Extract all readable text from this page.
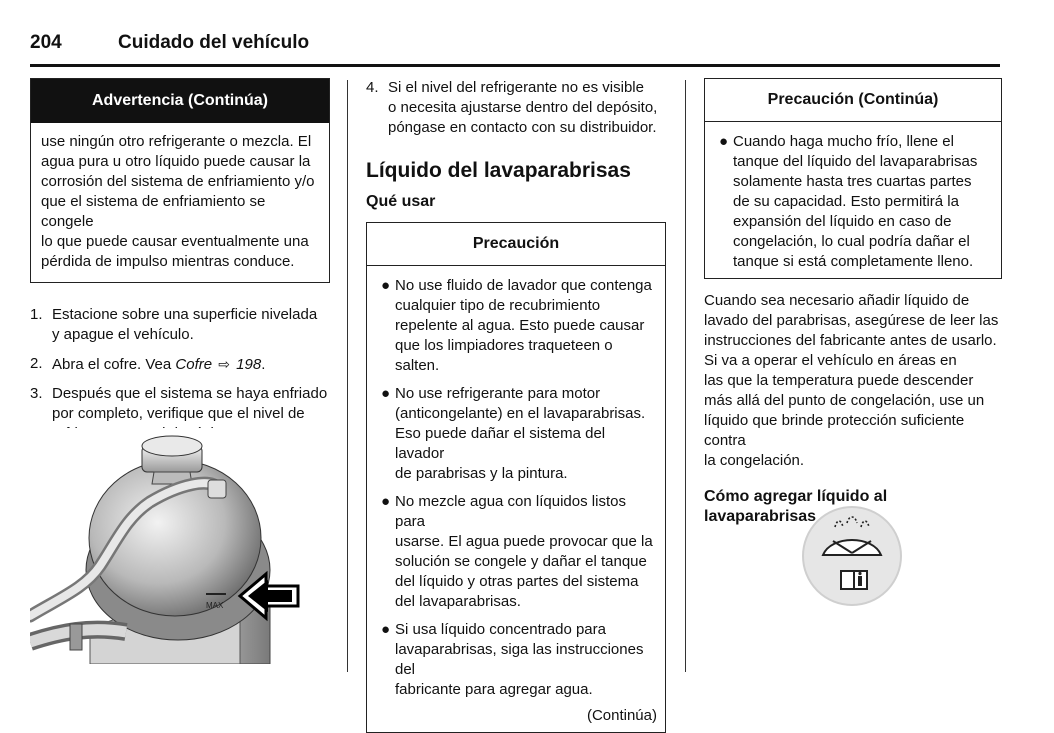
204	Cuidado del vehículo
Advertencia (Continúa)
use ningún otro refrigerante o mezcla. El
agua pura u otro líquido puede causar la
corrosión del sistema de enfriamiento y/o
que el sistema de enfriamiento se congele
lo que puede causar eventualmente una
pérdida de impulso mientras conduce.
1. Estacione sobre una superficie nivelada
y apague el vehículo.
2. Abra el cofre. Vea Cofre ⇨ 198.
3. Después que el sistema se haya enfriado
por completo, verifique que el nivel de
MAX
4. Si el nivel del refrigerante no es visible
o necesita ajustarse dentro del depósito,
póngase en contacto con su distribuidor.
Líquido del lavaparabrisas
Qué usar
Precaución
● No use fluido de lavador que contenga
cualquier tipo de recubrimiento
repelente al agua. Esto puede causar
que los limpiadores traqueteen o salten.
● No use refrigerante para motor
(anticongelante) en el lavaparabrisas.
Eso puede dañar el sistema del lavador
de parabrisas y la pintura.
● No mezcle agua con líquidos listos para
usarse. El agua puede provocar que la
solución se congele y dañar el tanque
del líquido y otras partes del sistema
del lavaparabrisas.
● Si usa líquido concentrado para
lavaparabrisas, siga las instrucciones del
fabricante para agregar agua.
(Continúa)
Precaución (Continúa)
● Cuando haga mucho frío, llene el
tanque del líquido del lavaparabrisas
solamente hasta tres cuartas partes
de su capacidad. Esto permitirá la
expansión del líquido en caso de
congelación, lo cual podría dañar el
tanque si está completamente lleno.
Cuando sea necesario añadir líquido de
lavado del parabrisas, asegúrese de leer las
instrucciones del fabricante antes de usarlo.
Si va a operar el vehículo en áreas en
las que la temperatura puede descender
más allá del punto de congelación, use un
líquido que brinde protección suficiente contra
la congelación.
Cómo agregar líquido al lavaparabrisas
